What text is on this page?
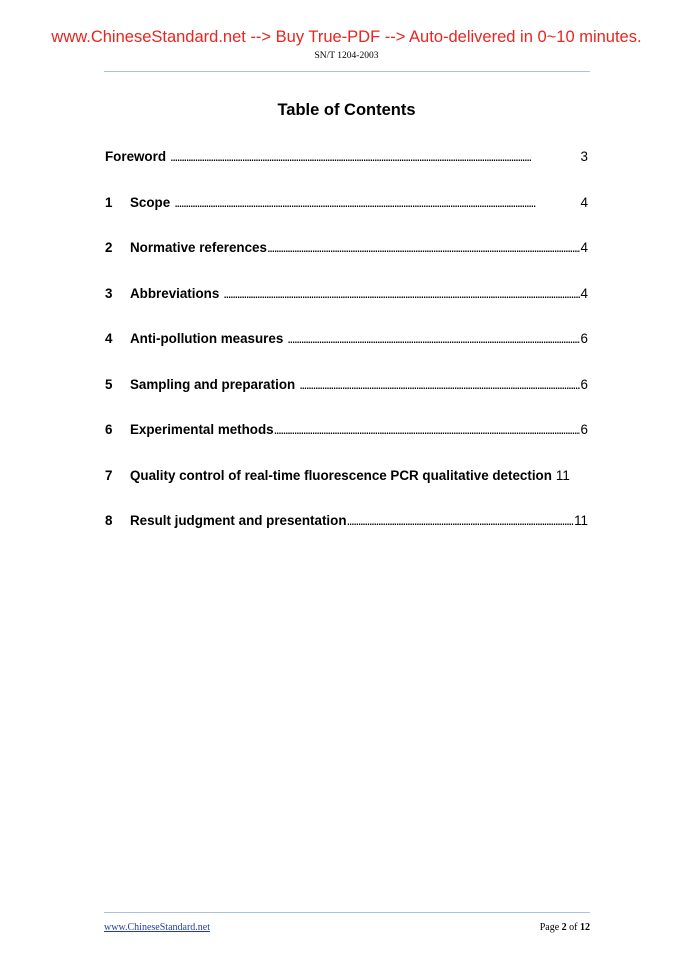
www.ChineseStandard.net --> Buy True-PDF --> Auto-delivered in 0~10 minutes.
SN/T 1204-2003
Table of Contents
Foreword . . .	3
1	Scope . . .	4
2	Normative references . . .	4
3	Abbreviations . . .	4
4	Anti-pollution measures . . .	6
5	Sampling and preparation . . .	6
6	Experimental methods . . .	6
7	Quality control of real-time fluorescence PCR qualitative detection 11
8	Result judgment and presentation . . .	11
www.ChineseStandard.net	Page 2 of 12
